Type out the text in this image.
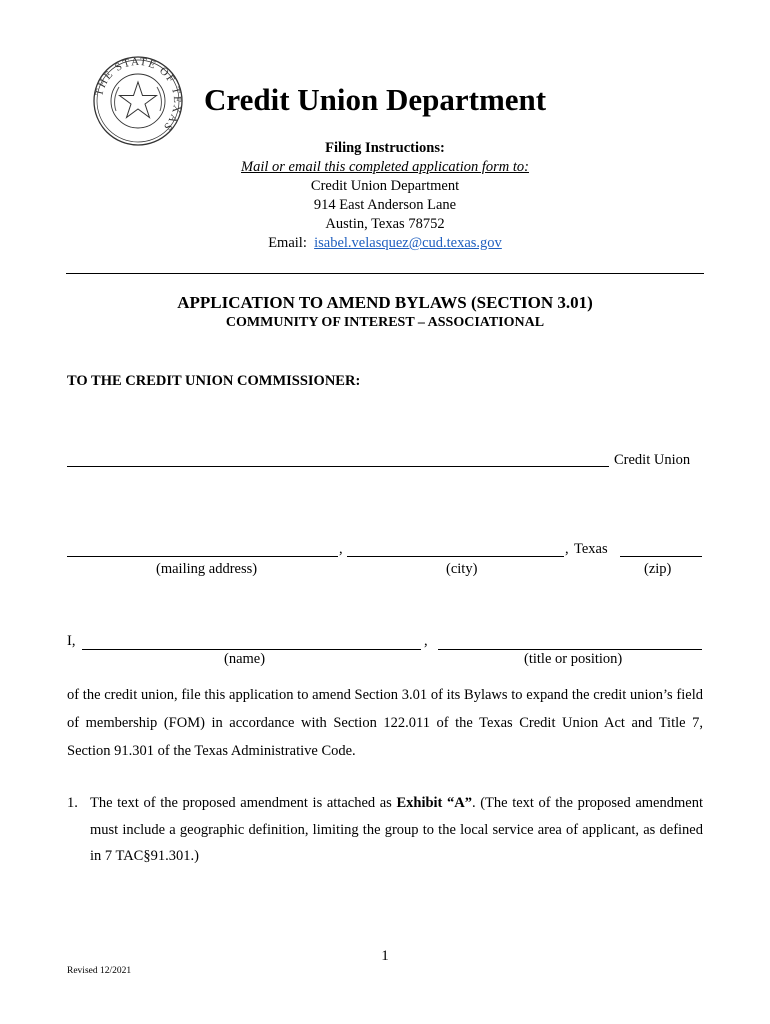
THE STATE OF TEXAS
Credit Union Department
Filing Instructions:
Mail or email this completed application form to:
Credit Union Department
914 East Anderson Lane
Austin, Texas 78752
Email: isabel.velasquez@cud.texas.gov
APPLICATION TO AMEND BYLAWS (SECTION 3.01)
COMMUNITY OF INTEREST – ASSOCIATIONAL
TO THE CREDIT UNION COMMISSIONER:
Credit Union
,	, Texas
(mailing address)	(city)	(zip)
I,	,
(name)	(title or position)
of the credit union, file this application to amend Section 3.01 of its Bylaws to expand the credit union’s field of membership (FOM) in accordance with Section 122.011 of the Texas Credit Union Act and Title 7, Section 91.301 of the Texas Administrative Code.
1. The text of the proposed amendment is attached as Exhibit “A”. (The text of the proposed amendment must include a geographic definition, limiting the group to the local service area of applicant, as defined in 7 TAC§91.301.)
1
Revised 12/2021
